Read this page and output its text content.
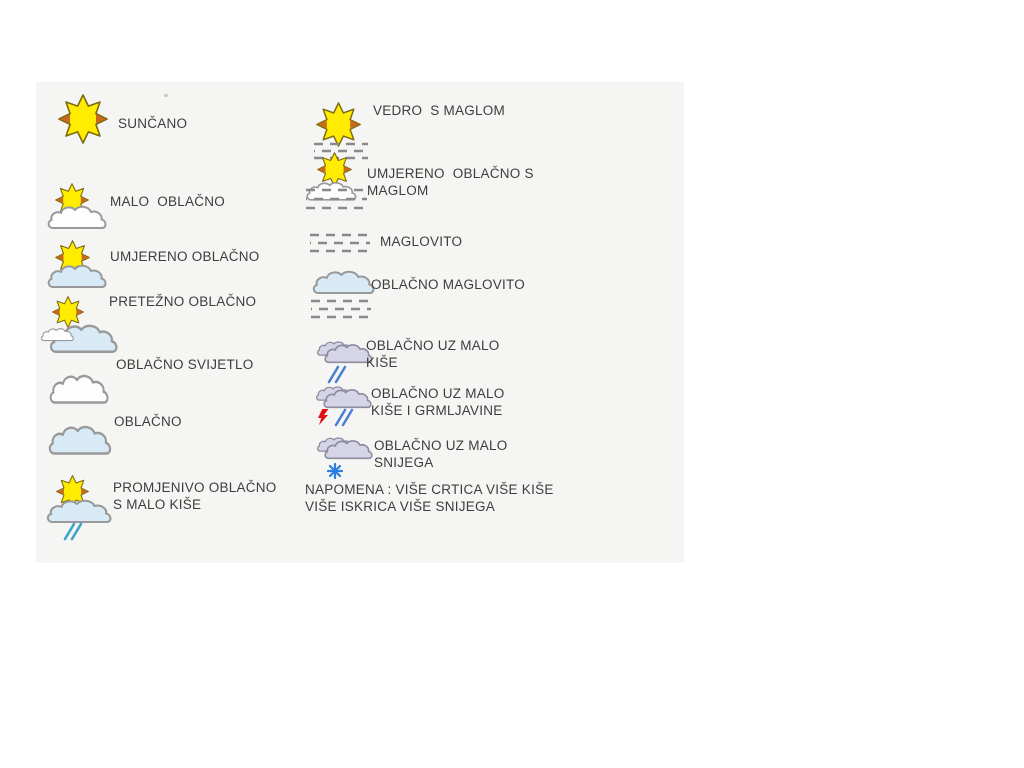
SUNČANO
MALO  OBLAČNO
UMJERENO OBLAČNO
PRETEŽNO OBLAČNO
OBLAČNO SVIJETLO
OBLAČNO
PROMJENIVO OBLAČNO
S MALO KIŠE
VEDRO  S MAGLOM
UMJERENO  OBLAČNO S
MAGLOM
MAGLOVITO
OBLAČNO MAGLOVITO
OBLAČNO UZ MALO
KIŠE
OBLAČNO UZ MALO
KIŠE I GRMLJAVINE
OBLAČNO UZ MALO
SNIJEGA
NAPOMENA : VIŠE CRTICA VIŠE KIŠE
VIŠE ISKRICA VIŠE SNIJEGA
